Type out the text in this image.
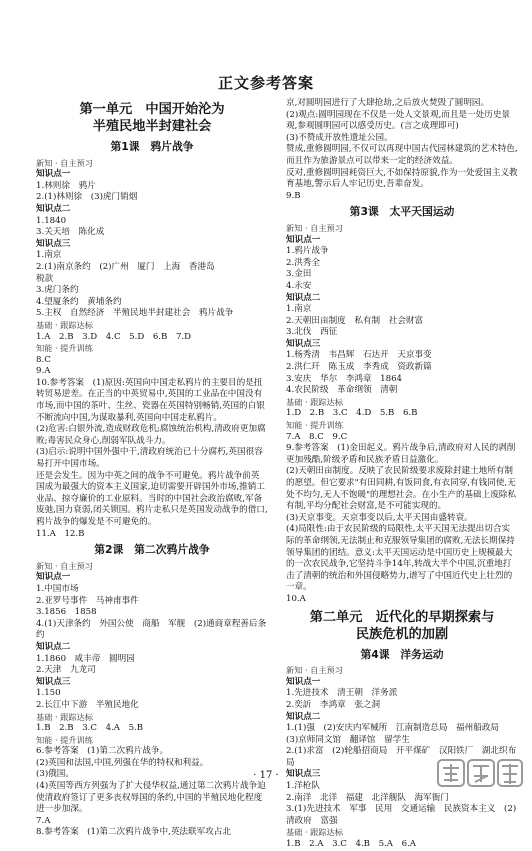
正文参考答案
第一单元　中国开始沦为
半殖民地半封建社会
第1课　鸦片战争
新知 · 自主预习
知识点一
1.林则徐　鸦片
2.(1)林则徐　(3)虎门销烟
知识点二
1.1840
3.关天培　陈化成
知识点三
1.南京
2.(1)南京条约　(2)广州　厦门　上海　香港岛
税款
3.虎门条约
4.望厦条约　黄埔条约
5.主权　自然经济　半殖民地半封建社会　鸦片战争
基础 · 跟踪达标
1.A　2.B　3.D　4.C　5.D　6.B　7.D
知能 · 提升训练
8.C
9.A
10.参考答案　(1)原因:英国向中国走私鸦片的主要目的是扭转贸易逆差。在正当的中英贸易中,英国的工业品在中国没有市场,而中国的茶叶、生丝、瓷器在英国特别畅销,英国的白银不断流向中国,为谋取暴利,英国向中国走私鸦片。
(2)危害:白银外流,造成财政危机;腐蚀统治机构,清政府更加腐败;毒害民众身心,削弱军队战斗力。
(3)启示:说明中国外强中干,清政府统治已十分腐朽,英国很容易打开中国市场。
还是会发生。因为中英之间的战争不可避免。鸦片战争前英国成为最强大的资本主义国家,迫切需要开辟国外市场,推销工业品、掠夺廉价的工业原料。当时的中国社会政治腐败,军备废弛,国力衰弱,闭关锁国。鸦片走私只是英国发动战争的借口,鸦片战争的爆发是不可避免的。
11.A　12.B
第2课　第二次鸦片战争
新知 · 自主预习
知识点一
1.中国市场
2.亚罗号事件　马神甫事件
3.1856　1858
4.(1)天津条约　外国公使　商船　军舰　(2)通商章程善后条约
知识点二
1.1860　咸丰帝　圆明园
2.天津　九龙司
知识点三
1.150
2.长江中下游　半殖民地化
基础 · 跟踪达标
1.B　2.B　3.C　4.A　5.B
知能 · 提升训练
6.参考答案　(1)第二次鸦片战争。
(2)英国和法国,中国,列强在华的特权和利益。
(3)俄国。
(4)英国等西方列强为了扩大侵华权益,通过第二次鸦片战争迫使清政府签订了更多丧权辱国的条约,中国的半殖民地化程度进一步加深。
7.A
8.参考答案　(1)第二次鸦片战争中,英法联军攻占北
京,对圆明园进行了大肆抢劫,之后放火焚毁了圆明园。
(2)观点:圆明园现在不仅是一处人文景观,而且是一处历史景观,参观圆明园可以感受历史。(言之成理即可)
(3)不赞成开放性遗址公园。
赞成,重修圆明园,不仅可以再现中国古代园林建筑的艺术特色,而且作为旅游景点可以带来一定的经济效益。
反对,重修圆明园耗资巨大,不如保持原貌,作为一处爱国主义教育基地,警示后人牢记历史,吾辈奋发。
9.B
第3课　太平天国运动
新知 · 自主预习
知识点一
1.鸦片战争
2.洪秀全
3.金田
4.永安
知识点二
1.南京
2.天朝田亩制度　私有制　社会财富
3.北伐　西征
知识点三
1.杨秀清　韦昌辉　石达开　天京事变
2.洪仁玕　陈玉成　李秀成　资政新篇
3.安庆　华尔　李鸿章　1864
4.农民阶级　革命纲领　清朝
基础 · 跟踪达标
1.D　2.B　3.C　4.D　5.B　6.B
知能 · 提升训练
7.A　8.C　9.C
9.参考答案　(1)金田起义。鸦片战争后,清政府对人民的剥削更加残酷,阶级矛盾和民族矛盾日益激化。
(2)天朝田亩制度。反映了农民阶级要求废除封建土地所有制的愿望。但它要求"有田同耕,有饭同食,有衣同穿,有钱同使,无处不均匀,无人不饱暖"的理想社会。在小生产的基础上废除私有制,平均分配社会财富,是不可能实现的。
(3)天京事变。天京事变以后,太平天国由盛转衰。
(4)局限性:由于农民阶级的局限性,太平天国无法提出切合实际的革命纲领,无法制止和克服领导集团的腐败,无法长期保持领导集团的团结。意义:太平天国运动是中国历史上规模最大的一次农民战争,它坚持斗争14年,转战大半个中国,沉重地打击了清朝的统治和外国侵略势力,谱写了中国近代史上壮烈的一章。
10.A
第二单元　近代化的早期探索与
民族危机的加剧
第4课　洋务运动
新知 · 自主预习
知识点一
1.先进技术　清王朝　洋务派
2.奕訢　李鸿章　张之洞
知识点二
1.(1)强　(2)安庆内军械所　江南制造总局　福州船政局　(3)京师同文馆　翻译馆　留学生
2.(1)求富　(2)轮船招商局　开平煤矿　汉阳铁厂　湖北织布局
知识点三
1.洋枪队
2.南洋　北洋　福建　北洋舰队　海军衙门
3.(1)先进技术　军事　民用　交通运输　民族资本主义　(2)清政府　富强
基础 · 跟踪达标
1.B　2.A　3.C　4.B　5.A　6.A
· 17 ·
